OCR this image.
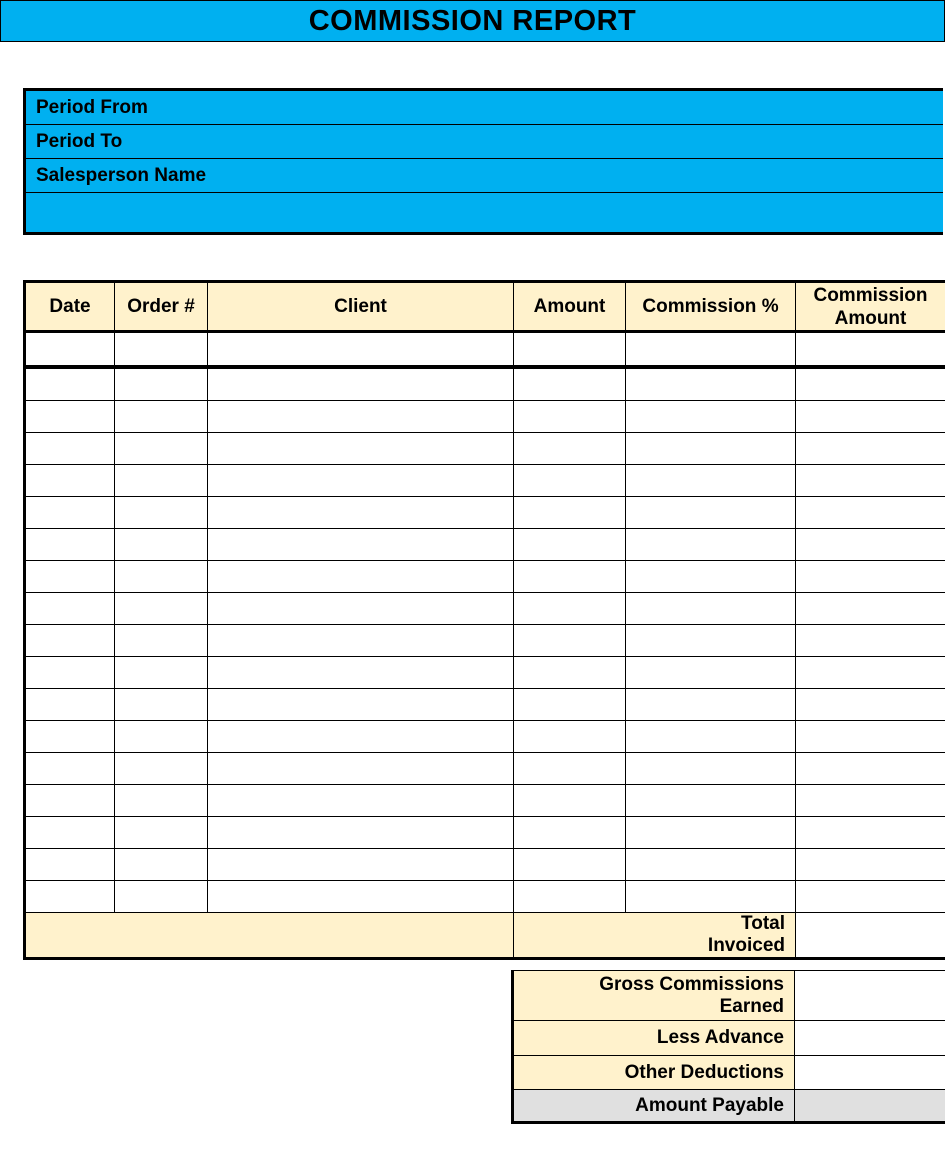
COMMISSION REPORT
Period From
Period To
Salesperson Name
Date	Order #	Client	Amount	Commission %	Commission
Amount

			Total
Invoiced		

Gross Commissions
Earned	

Less Advance	
Other Deductions	
Amount Payable	
